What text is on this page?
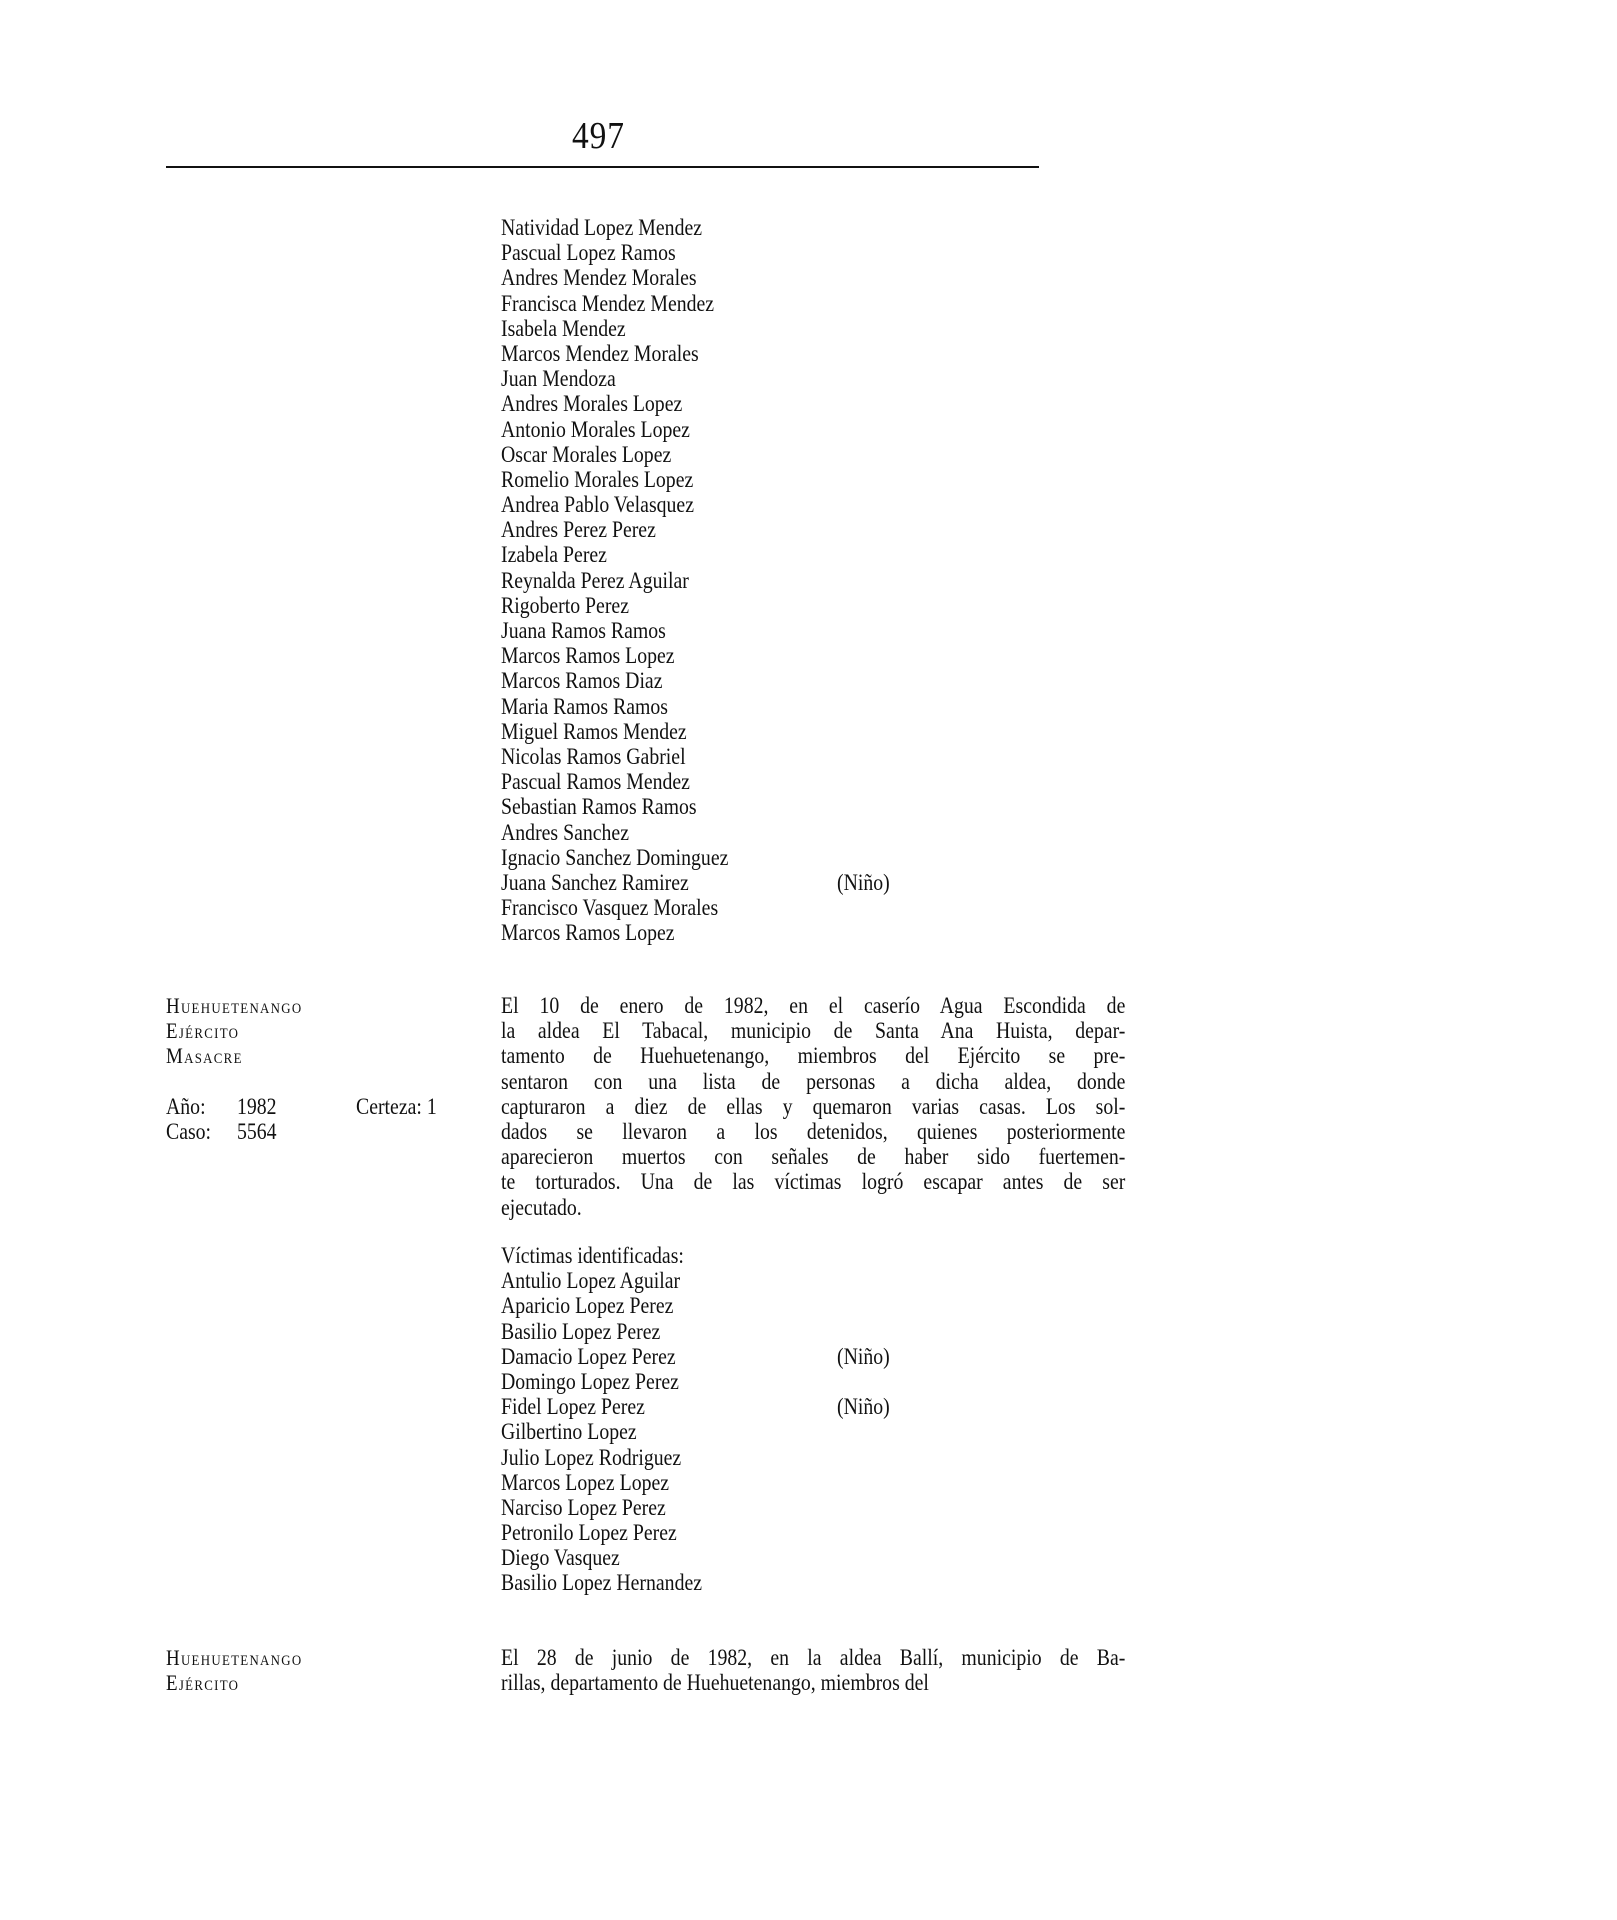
497
Natividad Lopez Mendez
Pascual Lopez Ramos
Andres Mendez Morales
Francisca Mendez Mendez
Isabela Mendez
Marcos Mendez Morales
Juan Mendoza
Andres Morales Lopez
Antonio Morales Lopez
Oscar Morales Lopez
Romelio Morales Lopez
Andrea Pablo Velasquez
Andres Perez Perez
Izabela Perez
Reynalda Perez Aguilar
Rigoberto Perez
Juana Ramos Ramos
Marcos Ramos Lopez
Marcos Ramos Diaz
Maria Ramos Ramos
Miguel Ramos Mendez
Nicolas Ramos Gabriel
Pascual Ramos Mendez
Sebastian Ramos Ramos
Andres Sanchez
Ignacio Sanchez Dominguez
Juana Sanchez Ramirez	(Niño)
Francisco Vasquez Morales
Marcos Ramos Lopez
Huehuetenango
Ejército
Masacre
Año: 1982	Certeza: 1
Caso: 5564
El 10 de enero de 1982, en el caserío Agua Escondida de
la aldea El Tabacal, municipio de Santa Ana Huista, depar-
tamento de Huehuetenango, miembros del Ejército se pre-
sentaron con una lista de personas a dicha aldea, donde
capturaron a diez de ellas y quemaron varias casas. Los sol-
dados se llevaron a los detenidos, quienes posteriormente
aparecieron muertos con señales de haber sido fuertemen-
te torturados. Una de las víctimas logró escapar antes de ser
ejecutado.
Víctimas identificadas:
Antulio Lopez Aguilar
Aparicio Lopez Perez
Basilio Lopez Perez
Damacio Lopez Perez	(Niño)
Domingo Lopez Perez
Fidel Lopez Perez	(Niño)
Gilbertino Lopez
Julio Lopez Rodriguez
Marcos Lopez Lopez
Narciso Lopez Perez
Petronilo Lopez Perez
Diego Vasquez
Basilio Lopez Hernandez
Huehuetenango
Ejército
El 28 de junio de 1982, en la aldea Ballí, municipio de Ba-
rillas, departamento de Huehuetenango, miembros del
